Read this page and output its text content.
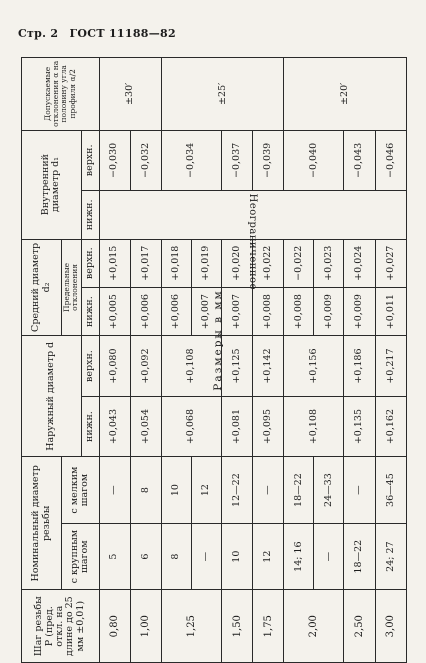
Стр. 2 ГОСТ 11188—82
Размеры в мм
Шаг резьбы P (пред. откл. на длине до 25 мм ±0,01)	Номинальный диаметр резьбы		Наружный диаметр d		Средний диаметр d₂		Внутренний диаметр d₁		Допускаемые отклонения α на половину угла профиля α/2
	с крупным шагом	с мелким шагом			Предельные отклонения				
			нижн.	верхн.	нижн.	верхн.	нижн.	верхн.	
0,80	5	—	+0,043	+0,080	+0,005	+0,015	Неограниченное	−0,030	±30′
1,00	6	8	+0,054	+0,092	+0,006	+0,017		−0,032	
1,25	8	10	+0,068	+0,108	+0,006	+0,018		−0,034	±25′
	—	12			+0,007	+0,019			
1,50	10	12—22	+0,081	+0,125	+0,007	+0,020		−0,037	
1,75	12	—	+0,095	+0,142	+0,008	+0,022		−0,039	
2,00	14; 16	18—22	+0,108	+0,156	+0,008	−0,022		−0,040	±20′
	—	24—33			+0,009	+0,023			
2,50	18—22	—	+0,135	+0,186	+0,009	+0,024		−0,043	
3,00	24; 27	36—45	+0,162	+0,217	+0,011	+0,027		−0,046	
